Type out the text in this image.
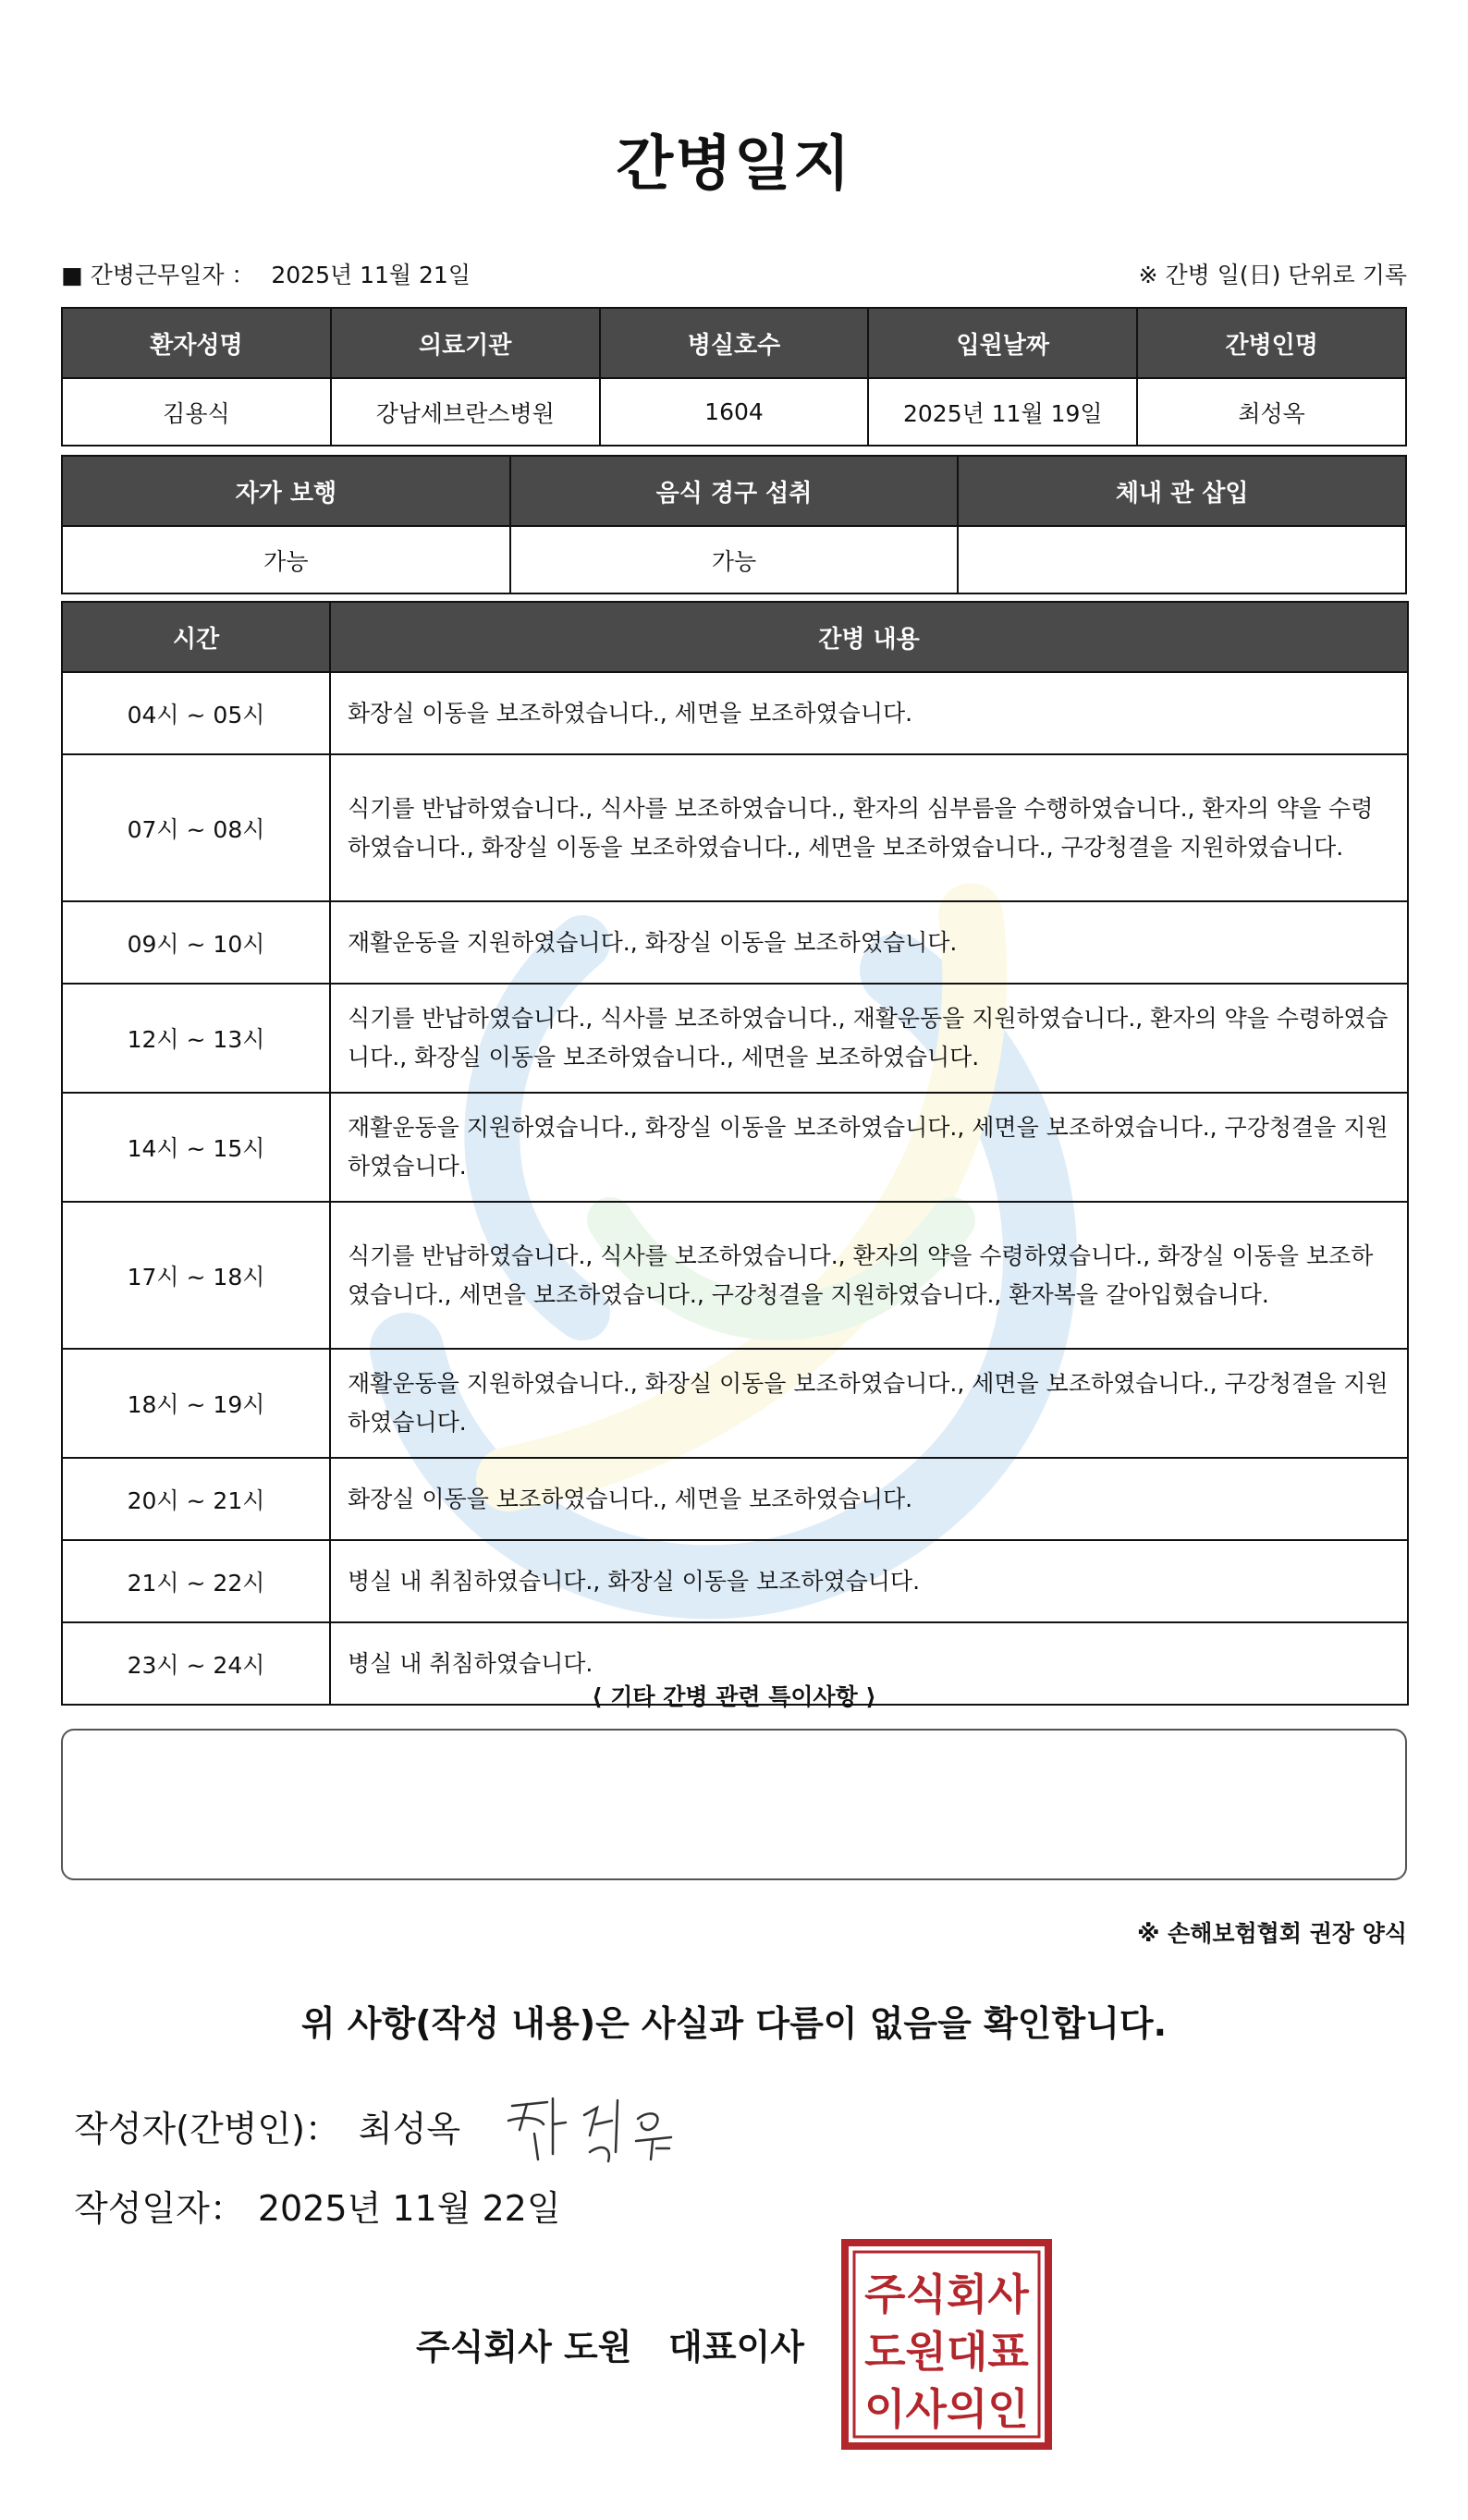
간병일지
■ 간병근무일자 ： 2025년 11월 21일	※ 간병 일(日) 단위로 기록
환자성명	의료기관	병실호수	입원날짜	간병인명
김용식	강남세브란스병원	1604	2025년 11월 19일	최성옥
자가 보행	음식 경구 섭취	체내 관 삽입
가능	가능	
시간	간병 내용
04시 ~ 05시	화장실 이동을 보조하였습니다., 세면을 보조하였습니다.
07시 ~ 08시	식기를 반납하였습니다., 식사를 보조하였습니다., 환자의 심부름을 수행하였습니다., 환자의 약을 수령하였습니다., 화장실 이동을 보조하였습니다., 세면을 보조하였습니다., 구강청결을 지원하였습니다.
09시 ~ 10시	재활운동을 지원하였습니다., 화장실 이동을 보조하였습니다.
12시 ~ 13시	식기를 반납하였습니다., 식사를 보조하였습니다., 재활운동을 지원하였습니다., 환자의 약을 수령하였습니다., 화장실 이동을 보조하였습니다., 세면을 보조하였습니다.
14시 ~ 15시	재활운동을 지원하였습니다., 화장실 이동을 보조하였습니다., 세면을 보조하였습니다., 구강청결을 지원하였습니다.
17시 ~ 18시	식기를 반납하였습니다., 식사를 보조하였습니다., 환자의 약을 수령하였습니다., 화장실 이동을 보조하였습니다., 세면을 보조하였습니다., 구강청결을 지원하였습니다., 환자복을 갈아입혔습니다.
18시 ~ 19시	재활운동을 지원하였습니다., 화장실 이동을 보조하였습니다., 세면을 보조하였습니다., 구강청결을 지원하였습니다.
20시 ~ 21시	화장실 이동을 보조하였습니다., 세면을 보조하였습니다.
21시 ~ 22시	병실 내 취침하였습니다., 화장실 이동을 보조하였습니다.
23시 ~ 24시	병실 내 취침하였습니다.
⟨ 기타 간병 관련 특이사항 ⟩
※ 손해보험협회 권장 양식
위 사항(작성 내용)은 사실과 다름이 없음을 확인합니다.
작성자(간병인)： 최성옥
작성일자： 2025년 11월 22일
주식회사 도원   대표이사
주식회사
도원대표
이사의인
